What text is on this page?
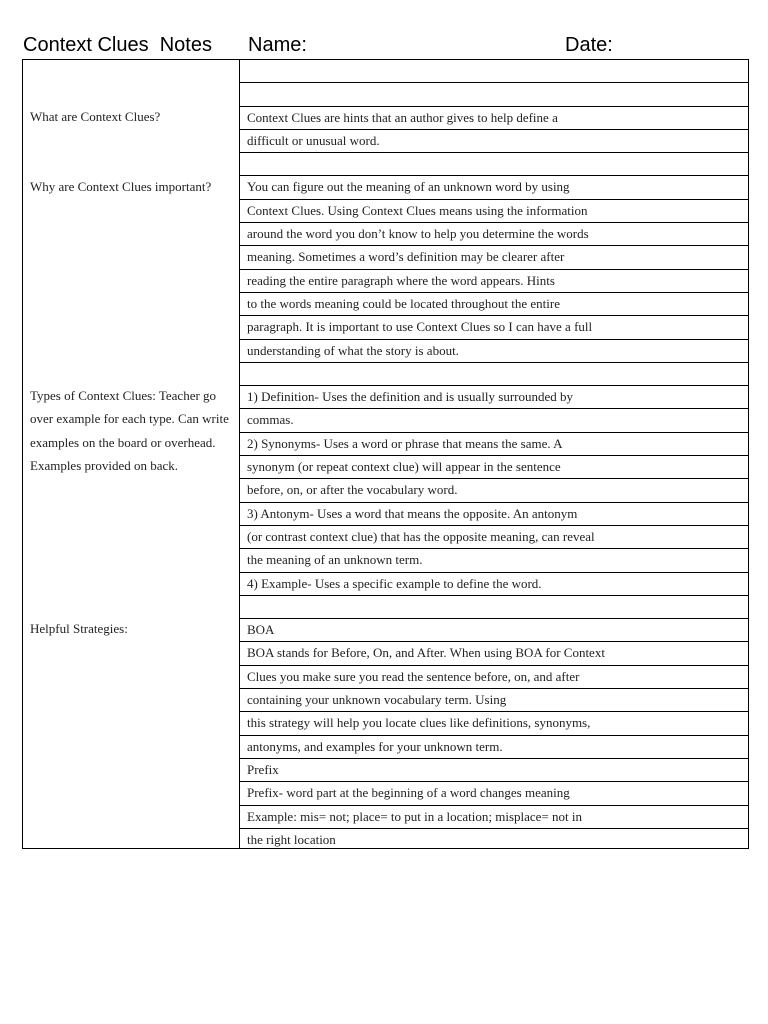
Context Clues  Notes Name:	Date:

What are Context Clues?

Why are Context Clues important?

Types of Context Clues: Teacher go over example for each type. Can write examples on the board or overhead.
Examples provided on back.

Helpful Strategies:

Context Clues are hints that an author gives to help define a
difficult or unusual word.
You can figure out the meaning of an unknown word by using
Context Clues. Using Context Clues means using the information
around the word you don’t know to help you determine the words
meaning. Sometimes a word’s definition may be clearer after
reading the entire paragraph where the word appears. Hints
to the words meaning could be located throughout the entire
paragraph. It is important to use Context Clues so I can have a full
understanding of what the story is about.
1) Definition- Uses the definition and is usually surrounded by
commas.
2) Synonyms- Uses a word or phrase that means the same. A
synonym (or repeat context clue) will appear in the sentence
before, on, or after the vocabulary word.
3) Antonym- Uses a word that means the opposite. An antonym
(or contrast context clue) that has the opposite meaning, can reveal
the meaning of an unknown term.
4) Example- Uses a specific example to define the word.
BOA
BOA stands for Before, On, and After. When using BOA for Context
Clues you make sure you read the sentence before, on, and after
containing your unknown vocabulary term. Using
this strategy will help you locate clues like definitions, synonyms,
antonyms, and examples for your unknown term.
Prefix
Prefix- word part at the beginning of a word changes meaning
Example: mis= not; place= to put in a location; misplace= not in
the right location
